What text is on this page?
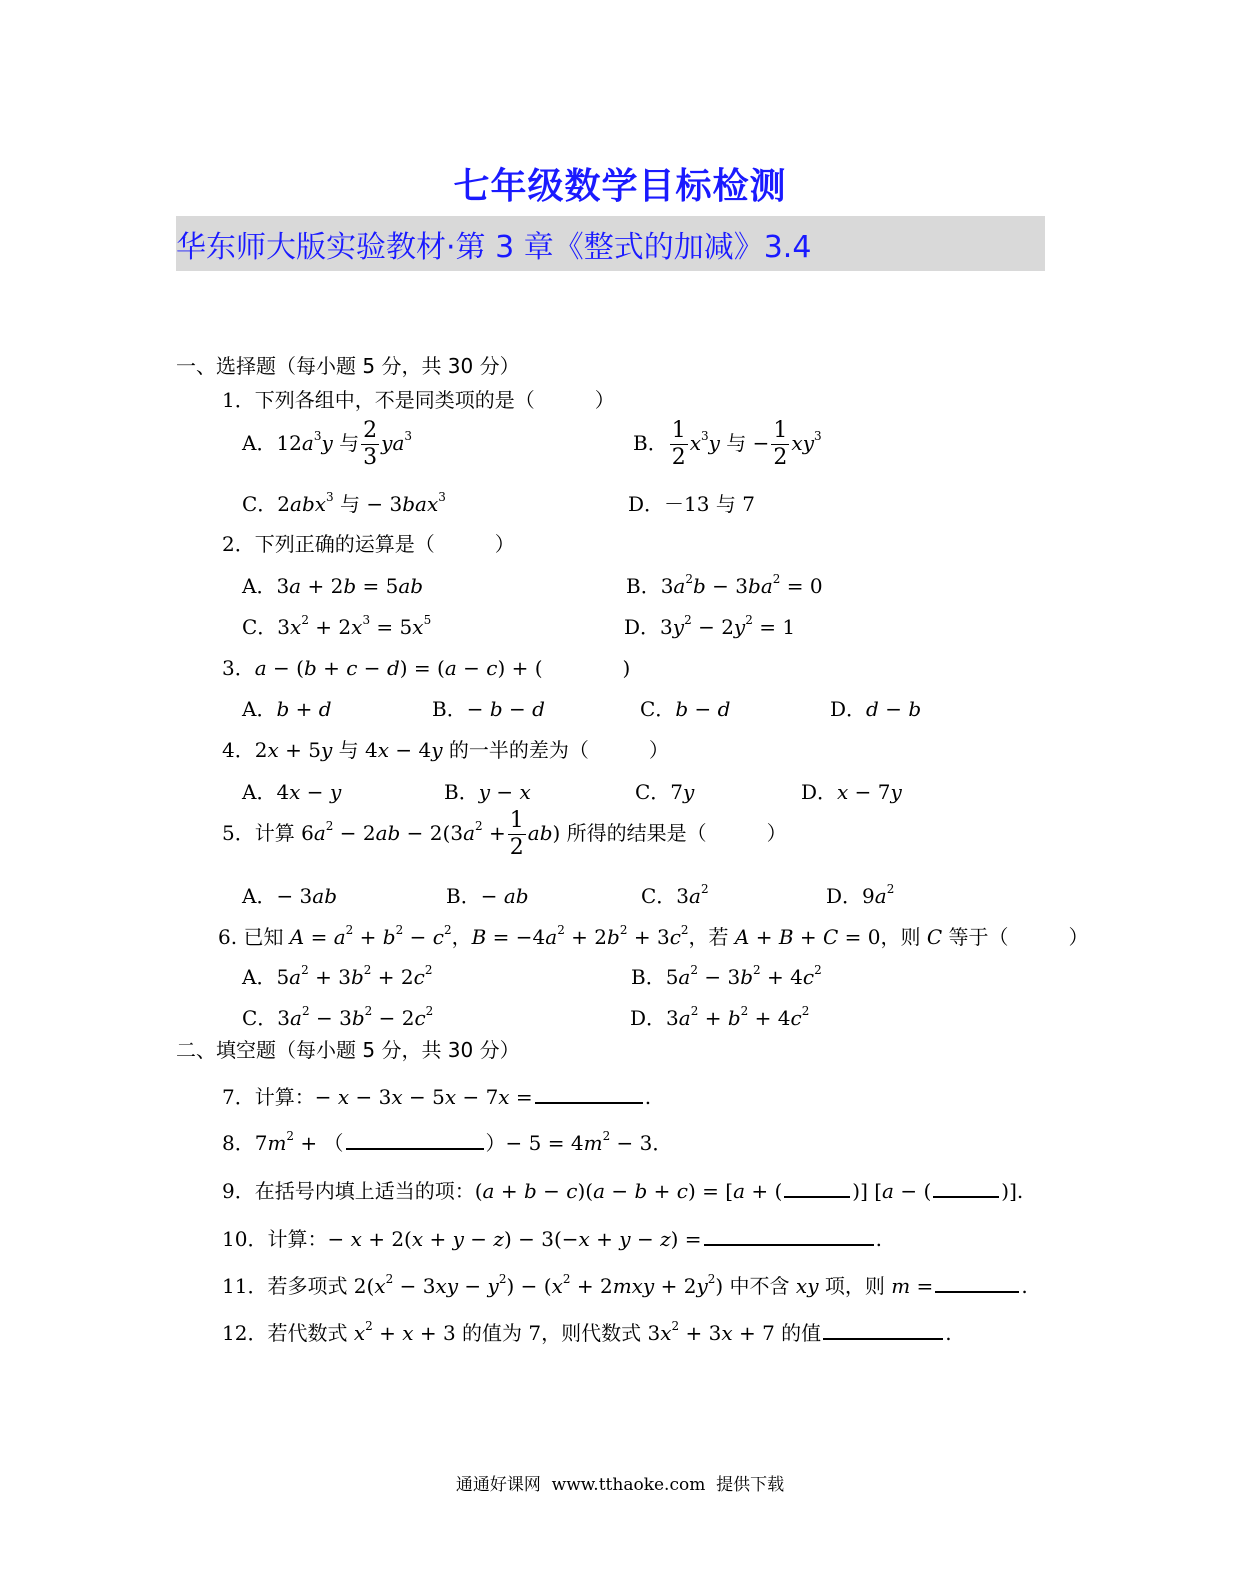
七年级数学目标检测
华东师大版实验教材·第 3 章《整式的加减》3.4
一、选择题（每小题 5 分，共 30 分）
1．下列各组中，不是同类项的是（　　　）
A．$12a^3y$ 与 $\frac{2}{3} ya^3$	B． $\frac{1}{2} x^3y$ 与 − $\frac{1}{2} xy^3$
C．2abx$^3$ 与 − 3bax$^3$	D．－13 与 7
2．下列正确的运算是（　　　）
A．3a + 2b = 5ab	B．$3a^2b - 3ba^2 = 0$
C．$3x^2 + 2x^3 = 5x^5$	D．$3y^2 - 2y^2 = 1$
3．a − (b + c − d) = (a − c) + (　　　　)
A．b + d	B．− b − d	C．b − d	D．d − b
4．2x + 5y 与 4x − 4y 的一半的差为（　　　）
A．4x − y	B．y − x	C．7y	D．x − 7y
5．计算 $6a^2 - 2ab - 2(3a^2 + \frac{1}{2} ab)$ 所得的结果是（　　　）
A．− 3ab	B．− ab	C．$3a^2$	D．$9a^2$
6. 已知 $A = a^2 + b^2 - c^2$，$B = -4a^2 + 2b^2 + 3c^2$，若 A + B + C = 0，则 C 等于（　　　）
A．$5a^2 + 3b^2 + 2c^2$	B．$5a^2 - 3b^2 + 4c^2$
C．$3a^2 - 3b^2 - 2c^2$	D．$3a^2 + b^2 + 4c^2$
二、填空题（每小题 5 分，共 30 分）
7．计算：− x − 3x − 5x − 7x =	.
8．$7m^2$ + （	）− $5 = 4m^2 - 3$．
9．在括号内填上适当的项：(a + b − c)(a − b + c) = [a + (	)] [a − (	)].
10．计算：− x + 2(x + y − z) − 3(−x + y − z) =	.
11．若多项式 $2(x^2 - 3xy - y^2) - (x^2 + 2mxy + 2y^2)$ 中不含 xy 项，则 m =	.
12．若代数式 $x^2 + x + 3$ 的值为 7，则代数式 $3x^2 + 3x + 7$ 的值	.
通通好课网  www.tthaoke.com  提供下载
